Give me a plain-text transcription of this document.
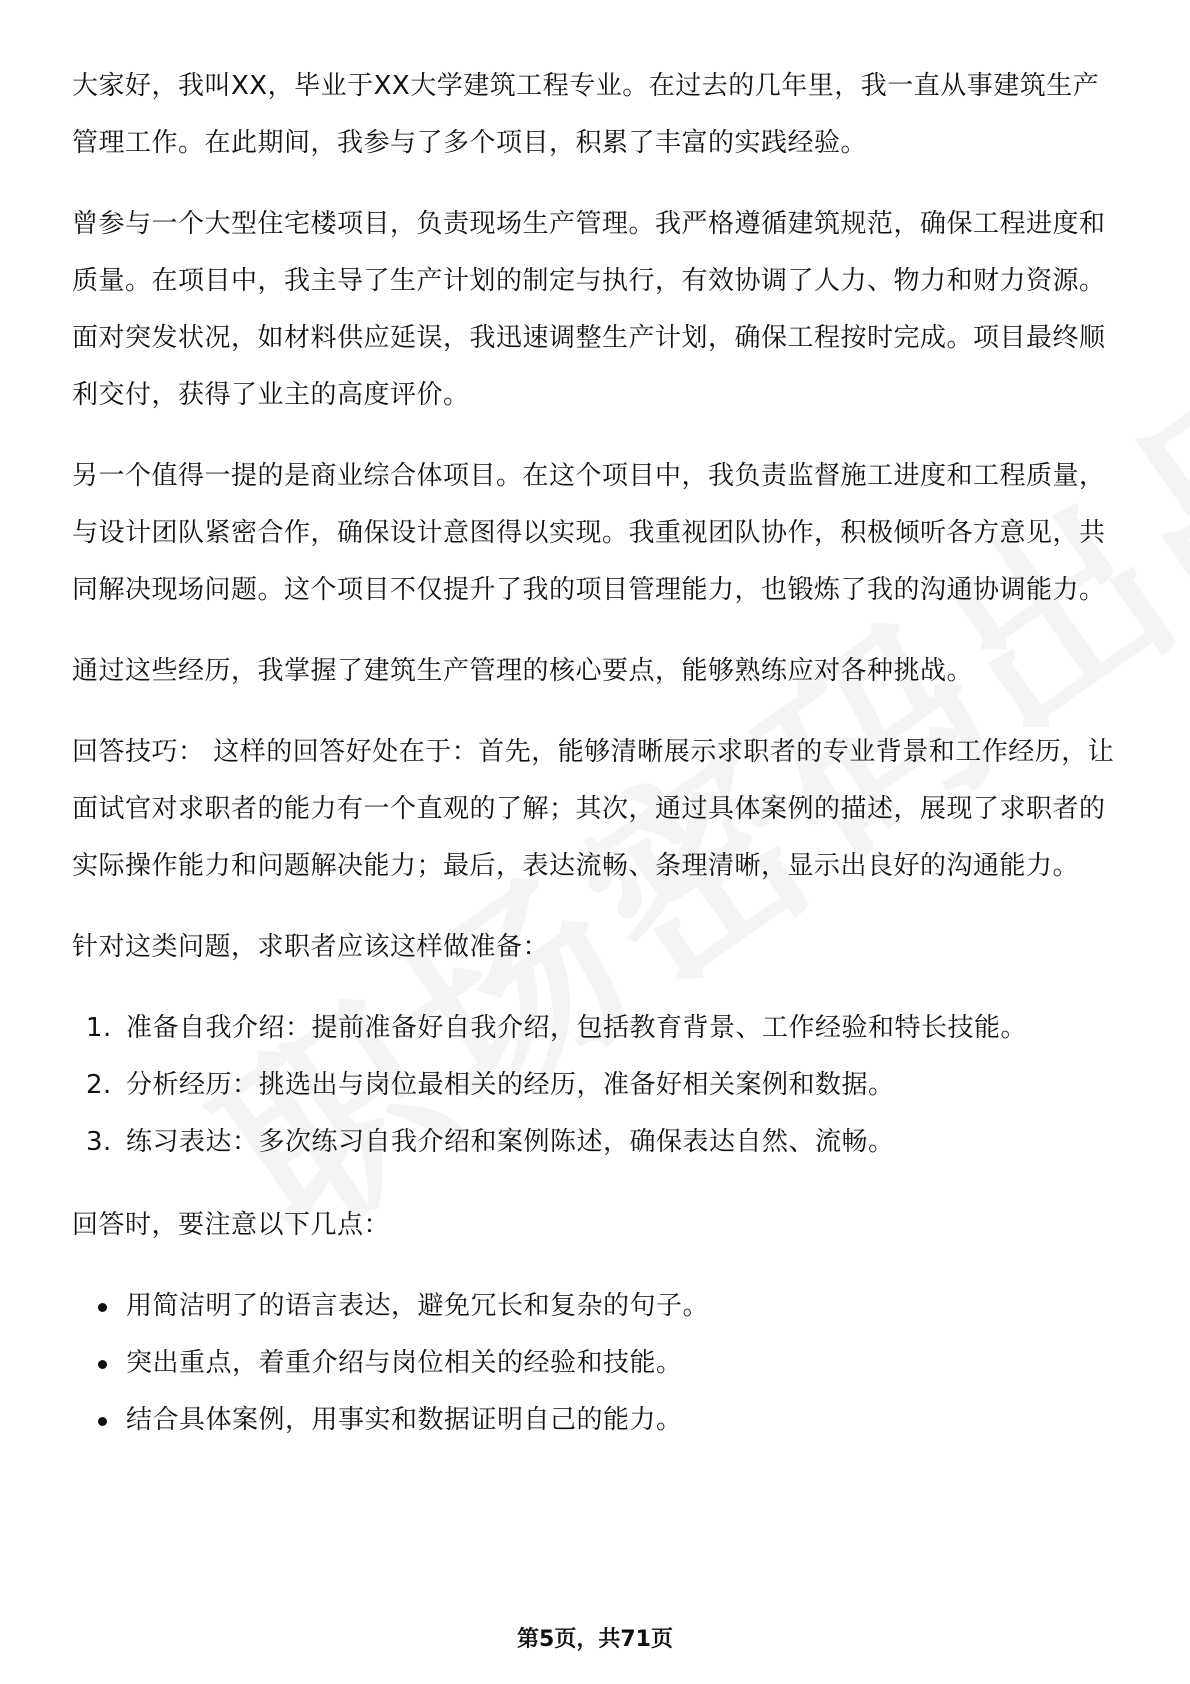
大家好，我叫XX，毕业于XX大学建筑工程专业。在过去的几年里，我一直从事建筑生产管理工作。在此期间，我参与了多个项目，积累了丰富的实践经验。

曾参与一个大型住宅楼项目，负责现场生产管理。我严格遵循建筑规范，确保工程进度和质量。在项目中，我主导了生产计划的制定与执行，有效协调了人力、物力和财力资源。面对突发状况，如材料供应延误，我迅速调整生产计划，确保工程按时完成。项目最终顺利交付，获得了业主的高度评价。

另一个值得一提的是商业综合体项目。在这个项目中，我负责监督施工进度和工程质量，与设计团队紧密合作，确保设计意图得以实现。我重视团队协作，积极倾听各方意见，共同解决现场问题。这个项目不仅提升了我的项目管理能力，也锻炼了我的沟通协调能力。

通过这些经历，我掌握了建筑生产管理的核心要点，能够熟练应对各种挑战。

回答技巧： 这样的回答好处在于：首先，能够清晰展示求职者的专业背景和工作经历，让面试官对求职者的能力有一个直观的了解；其次，通过具体案例的描述，展现了求职者的实际操作能力和问题解决能力；最后，表达流畅、条理清晰，显示出良好的沟通能力。

针对这类问题，求职者应该这样做准备：

1. 准备自我介绍：提前准备好自我介绍，包括教育背景、工作经验和特长技能。
2. 分析经历：挑选出与岗位最相关的经历，准备好相关案例和数据。
3. 练习表达：多次练习自我介绍和案例陈述，确保表达自然、流畅。

回答时，要注意以下几点：

用简洁明了的语言表达，避免冗长和复杂的句子。
突出重点，着重介绍与岗位相关的经验和技能。
结合具体案例，用事实和数据证明自己的能力。
第5页，共71页
